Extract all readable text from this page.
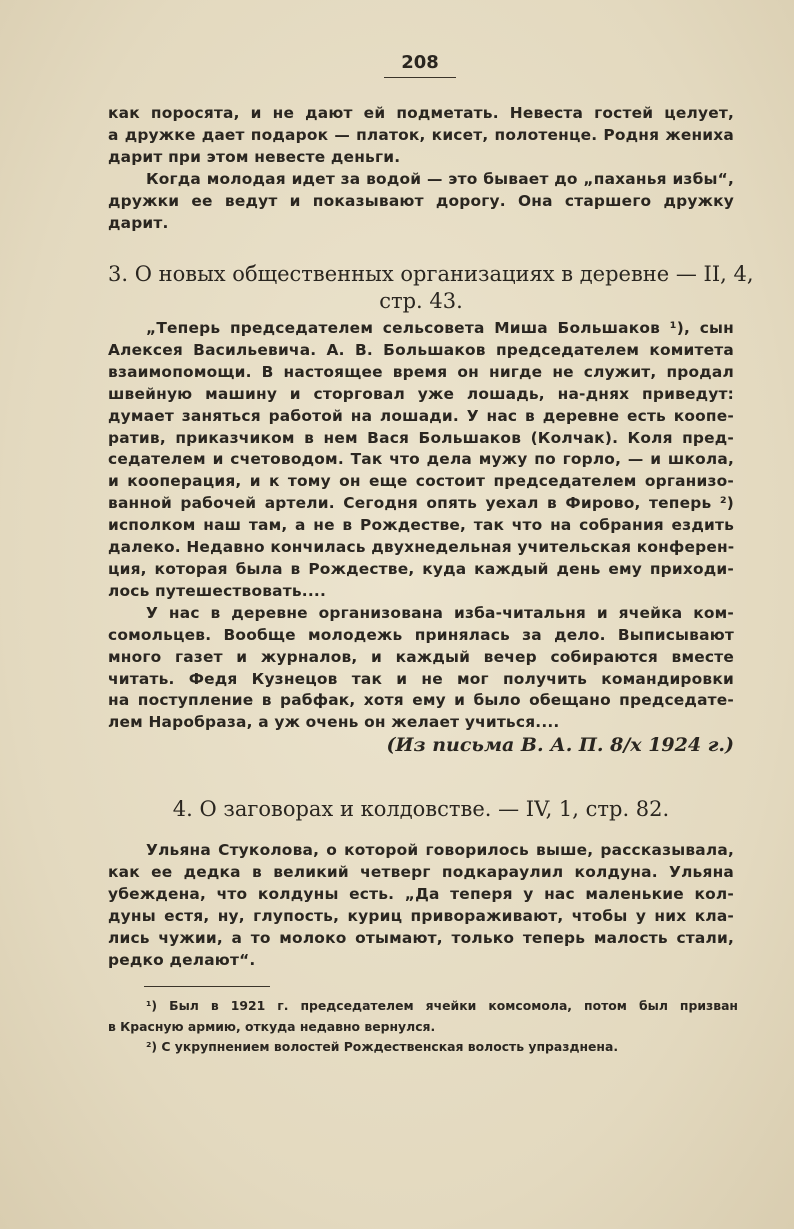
208
как поросята, и не дают ей подметать. Невеста гостей целует,
а дружке дает подарок — платок, кисет, полотенце. Родня жениха
дарит при этом невесте деньги.
Когда молодая идет за водой — это бывает до „паханья избы“,
дружки ее ведут и показывают дорогу. Она старшего дружку
дарит.
3. О новых общественных организациях в деревне — II, 4,
стр. 43.
„Теперь председателем сельсовета Миша Большаков ¹), сын
Алексея Васильевича. А. В. Большаков председателем комитета
взаимопомощи. В настоящее время он нигде не служит, продал
швейную машину и сторговал уже лошадь, на-днях приведут:
думает заняться работой на лошади. У нас в деревне есть коопе-
ратив, приказчиком в нем Вася Большаков (Колчак). Коля пред-
седателем и счетоводом. Так что дела мужу по горло, — и школа,
и кооперация, и к тому он еще состоит председателем организо-
ванной рабочей артели. Сегодня опять уехал в Фирово, теперь ²)
исполком наш там, а не в Рождестве, так что на собрания ездить
далеко. Недавно кончилась двухнедельная учительская конферен-
ция, которая была в Рождестве, куда каждый день ему приходи-
лось путешествовать....
У нас в деревне организована изба-читальня и ячейка ком-
сомольцев. Вообще молодежь принялась за дело. Выписывают
много газет и журналов, и каждый вечер собираются вместе
читать. Федя Кузнецов так и не мог получить командировки
на поступление в рабфак, хотя ему и было обещано председате-
лем Наробраза, а уж очень он желает учиться....
(Из письма В. А. П. 8/x 1924 г.)
4. О заговорах и колдовстве. — IV, 1, стр. 82.
Ульяна Стуколова, о которой говорилось выше, рассказывала,
как ее дедка в великий четверг подкараулил колдуна. Ульяна
убеждена, что колдуны есть. „Да теперя у нас маленькие кол-
дуны естя, ну, глупость, куриц привораживают, чтобы у них кла-
лись чужии, а то молоко отымают, только теперь малость стали,
редко делают“.
¹) Был в 1921 г. председателем ячейки комсомола, потом был призван
в Красную армию, откуда недавно вернулся.
²) С укрупнением волостей Рождественская волость упразднена.
